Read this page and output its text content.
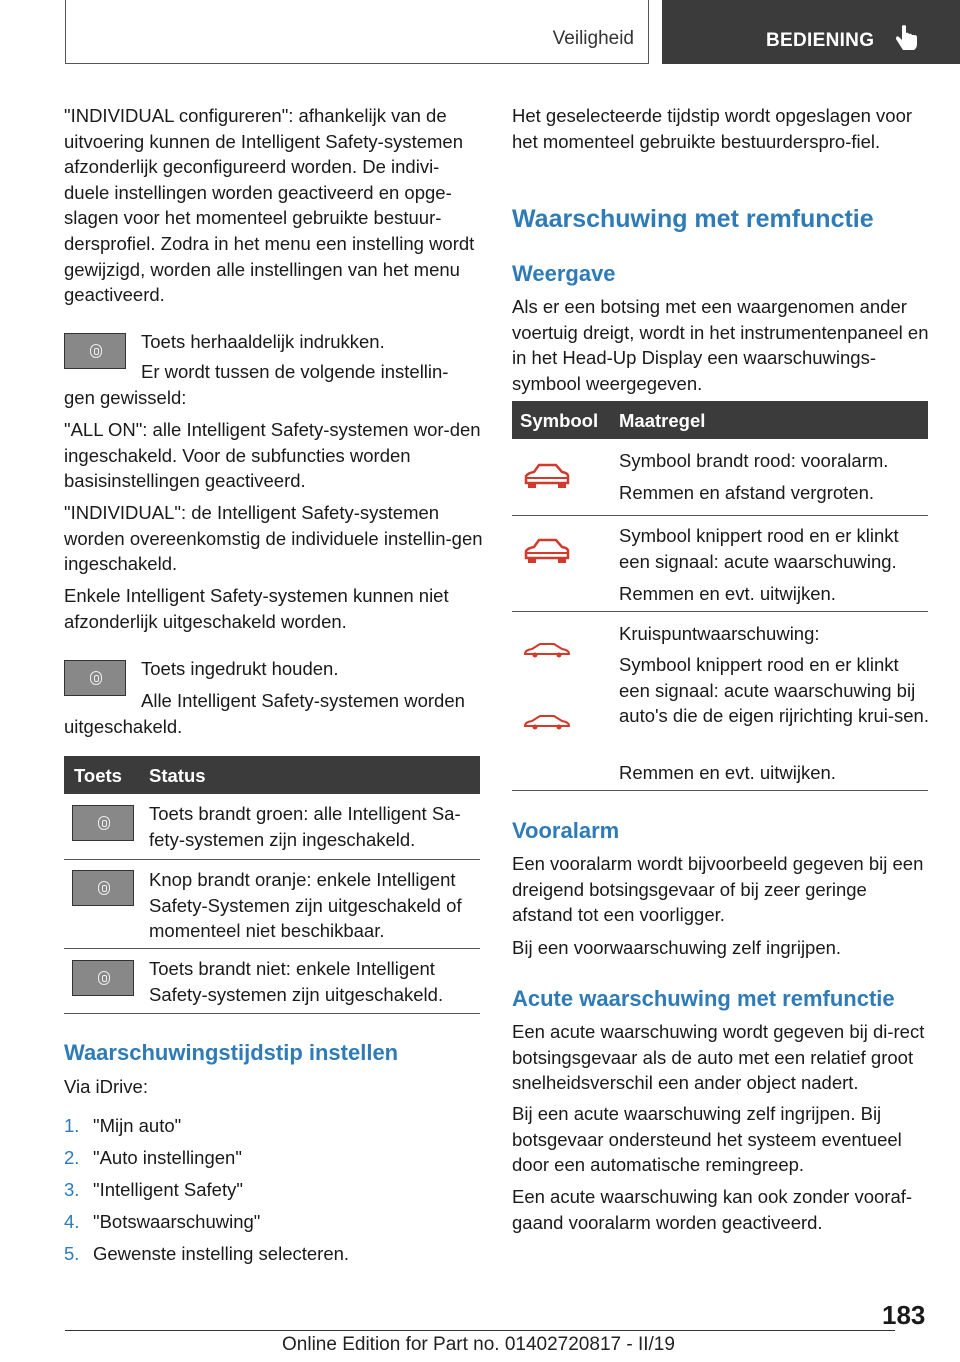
Veiligheid	BEDIENING

"INDIVIDUAL configureren": afhankelijk van de uitvoering kunnen de Intelligent Safety-systemen afzonderlijk geconfigureerd worden. De indivi-duele instellingen worden geactiveerd en opge-slagen voor het momenteel gebruikte bestuur-dersprofiel. Zodra in het menu een instelling wordt gewijzigd, worden alle instellingen van het menu geactiveerd.

Toets herhaaldelijk indrukken.

Er wordt tussen de volgende instellin-

gen gewisseld:

"ALL ON": alle Intelligent Safety-systemen wor-den ingeschakeld. Voor de subfuncties worden basisinstellingen geactiveerd.

"INDIVIDUAL": de Intelligent Safety-systemen worden overeenkomstig de individuele instellin-gen ingeschakeld.

Enkele Intelligent Safety-systemen kunnen niet afzonderlijk uitgeschakeld worden.

Toets ingedrukt houden.

Alle Intelligent Safety-systemen worden

uitgeschakeld.

Toets Status

Toets brandt groen: alle Intelligent Sa-fety-systemen zijn ingeschakeld.

Knop brandt oranje: enkele Intelligent Safety-Systemen zijn uitgeschakeld of momenteel niet beschikbaar.

Toets brandt niet: enkele Intelligent Safety-systemen zijn uitgeschakeld.

Waarschuwingstijdstip instellen

Via iDrive:

1. "Mijn auto"
2. "Auto instellingen"
3. "Intelligent Safety"
4. "Botswaarschuwing"
5. Gewenste instelling selecteren.

Het geselecteerde tijdstip wordt opgeslagen voor het momenteel gebruikte bestuurderspro-fiel.

Waarschuwing met remfunctie
Weergave

Als er een botsing met een waargenomen ander voertuig dreigt, wordt in het instrumentenpaneel en in het Head-Up Display een waarschuwings-symbool weergegeven.

Symbool Maatregel

Symbool brandt rood: vooralarm.

Remmen en afstand vergroten.

Symbool knippert rood en er klinkt een signaal: acute waarschuwing.

Remmen en evt. uitwijken.

Kruispuntwaarschuwing:

Symbool knippert rood en er klinkt een signaal: acute waarschuwing bij auto's die de eigen rijrichting krui-sen.

Remmen en evt. uitwijken.

Vooralarm

Een vooralarm wordt bijvoorbeeld gegeven bij een dreigend botsingsgevaar of bij zeer geringe afstand tot een voorligger.

Bij een voorwaarschuwing zelf ingrijpen.

Acute waarschuwing met remfunctie

Een acute waarschuwing wordt gegeven bij di-rect botsingsgevaar als de auto met een relatief groot snelheidsverschil een ander object nadert.

Bij een acute waarschuwing zelf ingrijpen. Bij botsgevaar ondersteund het systeem eventueel door een automatische remingreep.

Een acute waarschuwing kan ook zonder vooraf-gaand vooralarm worden geactiveerd.

183
Online Edition for Part no. 01402720817 - II/19
